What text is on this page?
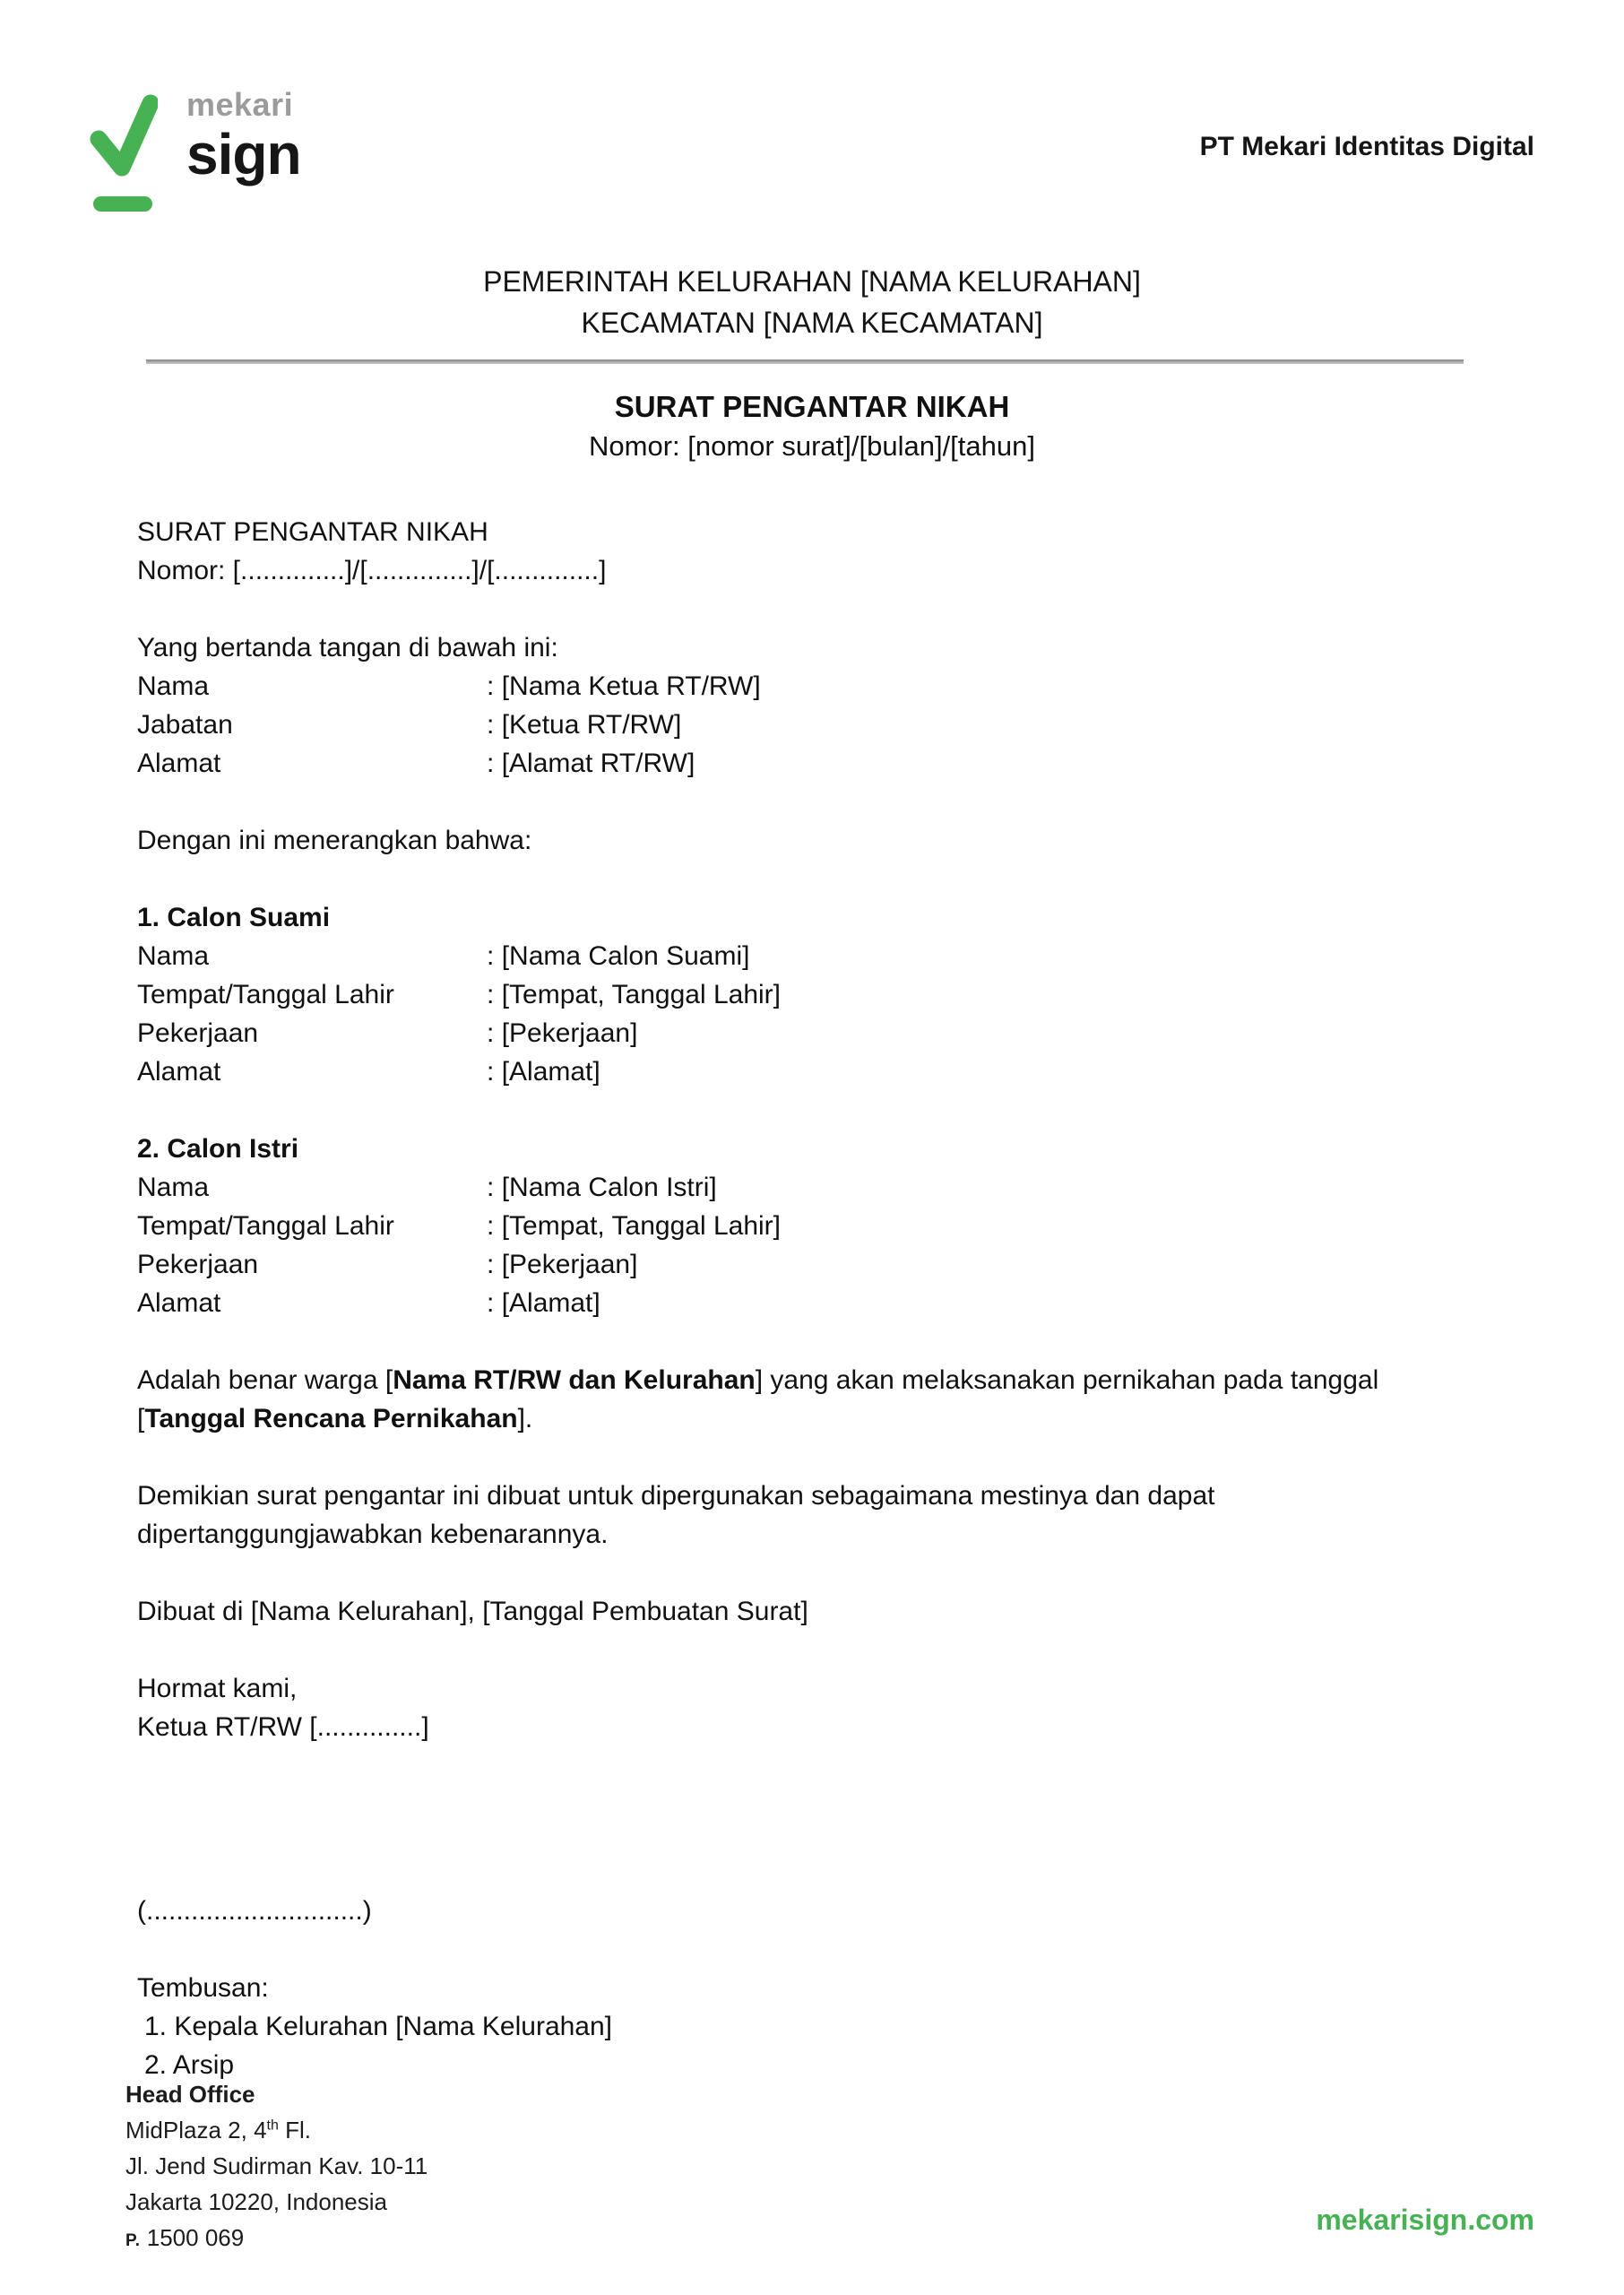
mekari
sign	PT Mekari Identitas Digital
PEMERINTAH KELURAHAN [NAMA KELURAHAN]
KECAMATAN [NAMA KECAMATAN]
SURAT PENGANTAR NIKAH
Nomor: [nomor surat]/[bulan]/[tahun]
SURAT PENGANTAR NIKAH
Nomor: [..............]/[..............]/[..............]
Yang bertanda tangan di bawah ini:
Nama	: [Nama Ketua RT/RW]
Jabatan	: [Ketua RT/RW]
Alamat	: [Alamat RT/RW]
Dengan ini menerangkan bahwa:
1. Calon Suami
Nama	: [Nama Calon Suami]
Tempat/Tanggal Lahir	: [Tempat, Tanggal Lahir]
Pekerjaan	: [Pekerjaan]
Alamat	: [Alamat]
2. Calon Istri
Nama	: [Nama Calon Istri]
Tempat/Tanggal Lahir	: [Tempat, Tanggal Lahir]
Pekerjaan	: [Pekerjaan]
Alamat	: [Alamat]
Adalah benar warga [Nama RT/RW dan Kelurahan] yang akan melaksanakan pernikahan pada tanggal [Tanggal Rencana Pernikahan].
Demikian surat pengantar ini dibuat untuk dipergunakan sebagaimana mestinya dan dapat dipertanggungjawabkan kebenarannya.
Dibuat di [Nama Kelurahan], [Tanggal Pembuatan Surat]
Hormat kami,
Ketua RT/RW [..............]
(.............................)
Tembusan:
1. Kepala Kelurahan [Nama Kelurahan]
2. Arsip
Head Office
MidPlaza 2, 4th Fl.
Jl. Jend Sudirman Kav. 10-11
Jakarta 10220, Indonesia
P. 1500 069
mekarisign.com
